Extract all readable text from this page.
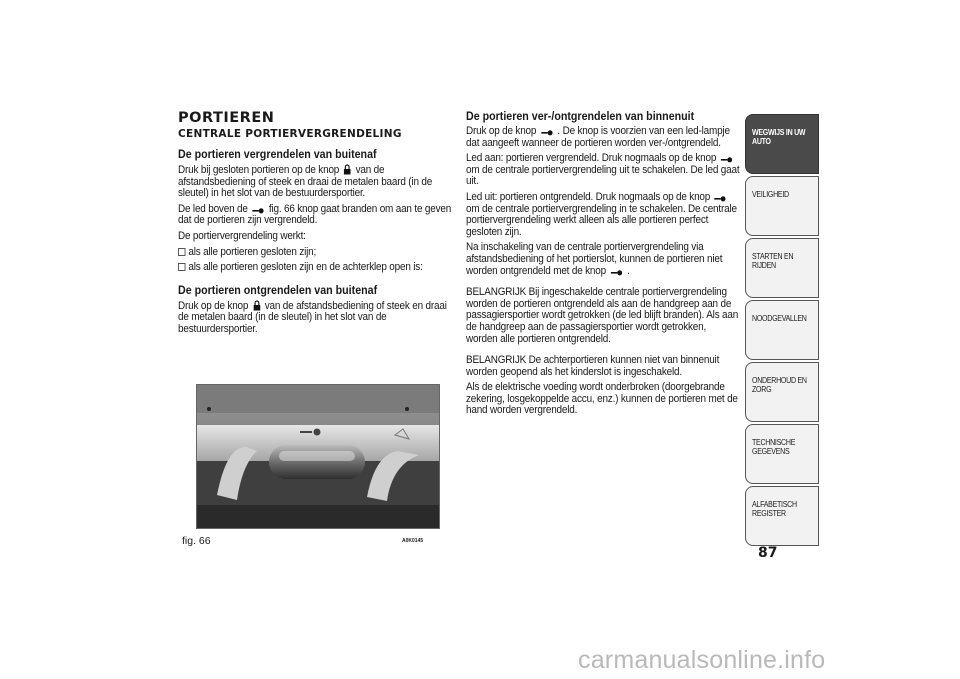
PORTIEREN
CENTRALE PORTIERVERGRENDELING
De portieren vergrendelen van buitenaf

Druk bij gesloten portieren op de knop van de afstandsbediening of steek en draai de metalen baard (in de sleutel) in het slot van de bestuurdersportier.

De led boven de fig. 66 knop gaat branden om aan te geven dat de portieren zijn vergrendeld.

De portiervergrendeling werkt:

als alle portieren gesloten zijn;

als alle portieren gesloten zijn en de achterklep open is:

De portieren ontgrendelen van buitenaf

Druk op de knop van de afstandsbediening of steek en draai de metalen baard (in de sleutel) in het slot van de bestuurdersportier.

fig. 66	A0K0145
De portieren ver-/ontgrendelen van binnenuit

Druk op de knop . De knop is voorzien van een led-lampje dat aangeeft wanneer de portieren worden ver-/ontgrendeld.

Led aan: portieren vergrendeld. Druk nogmaals op de knop  om de centrale portiervergrendeling uit te schakelen. De led gaat uit.

Led uit: portieren ontgrendeld. Druk nogmaals op de knop  om de centrale portiervergrendeling in te schakelen. De centrale portiervergrendeling werkt alleen als alle portieren perfect gesloten zijn.

Na inschakeling van de centrale portiervergrendeling via afstandsbediening of het portierslot, kunnen de portieren niet worden ontgrendeld met de knop .

BELANGRIJK Bij ingeschakelde centrale portiervergrendeling worden de portieren ontgrendeld als aan de handgreep aan de passagiersportier wordt getrokken (de led blijft branden). Als aan de handgreep aan de passagiersportier wordt getrokken, worden alle portieren ontgrendeld.

BELANGRIJK De achterportieren kunnen niet van binnenuit worden geopend als het kinderslot is ingeschakeld.

Als de elektrische voeding wordt onderbroken (doorgebrande zekering, losgekoppelde accu, enz.) kunnen de portieren met de hand worden vergrendeld.

WEGWIJS IN UW AUTO
VEILIGHEID
STARTEN EN RIJDEN
NOODGEVALLEN
ONDERHOUD EN ZORG
TECHNISCHE GEGEVENS
ALFABETISCH REGISTER
87
carmanualsonline.info
